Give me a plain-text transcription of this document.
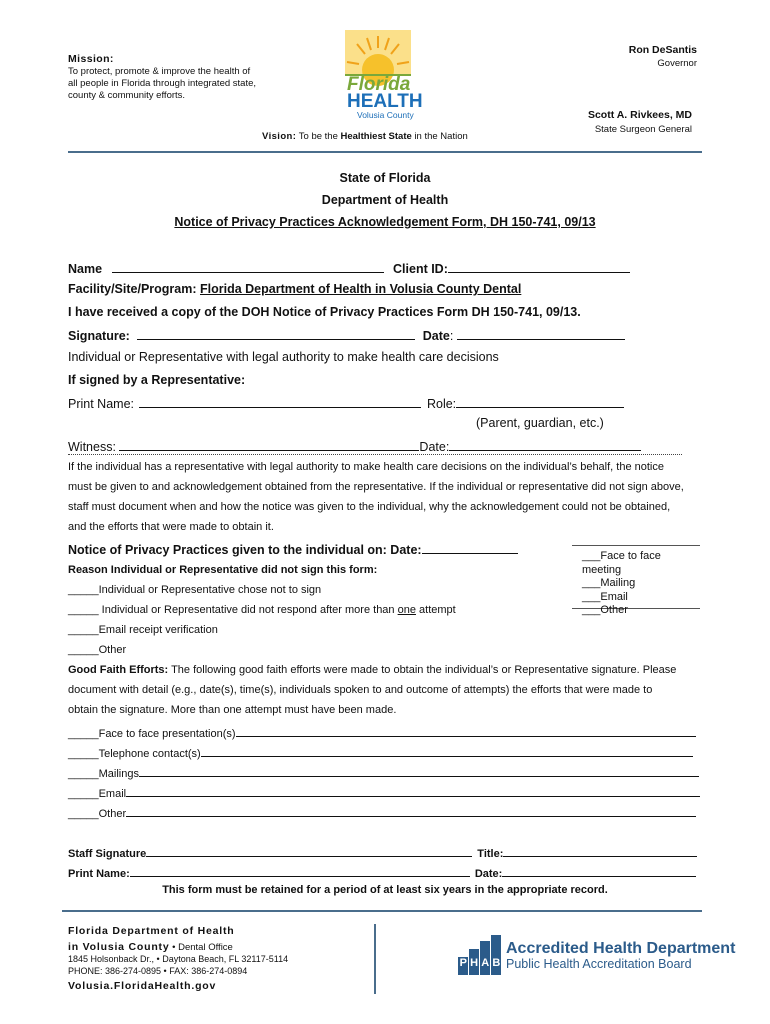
Mission:
To protect, promote & improve the health of all people in Florida through integrated state, county & community efforts.
Florida
HEALTH
Volusia County
Ron DeSantis
Governor
Scott A. Rivkees, MD
State Surgeon General
Vision: To be the Healthiest State in the Nation
State of Florida
Department of Health
Notice of Privacy Practices Acknowledgement Form, DH 150-741, 09/13
Name	Client ID:
Facility/Site/Program: Florida Department of Health in Volusia County Dental
I have received a copy of the DOH Notice of Privacy Practices Form DH 150-741, 09/13.
Signature:	Date:
Individual or Representative with legal authority to make health care decisions
If signed by a Representative:
Print Name:	Role:
(Parent, guardian, etc.)
Witness:	Date:
If the individual has a representative with legal authority to make health care decisions on the individual’s behalf, the notice
must be given to and acknowledgement obtained from the representative. If the individual or representative did not sign above,
staff must document when and how the notice was given to the individual, why the acknowledgement could not be obtained,
and the efforts that were made to obtain it.
Notice of Privacy Practices given to the individual on: Date:	___Face to face meeting
___Mailing
___Email
___Other
Reason Individual or Representative did not sign this form:
_____Individual or Representative chose not to sign
_____ Individual or Representative did not respond after more than one attempt
_____Email receipt verification
_____Other
Good Faith Efforts: The following good faith efforts were made to obtain the individual’s or Representative signature. Please
document with detail (e.g., date(s), time(s), individuals spoken to and outcome of attempts) the efforts that were made to
obtain the signature. More than one attempt must have been made.
_____Face to face presentation(s)
_____Telephone contact(s)
_____Mailings
_____Email
_____Other
Staff Signature	Title:
Print Name:	Date:
This form must be retained for a period of at least six years in the appropriate record.
Florida Department of Health
in Volusia County • Dental Office
1845 Holsonback Dr., • Daytona Beach, FL 32117-5114
PHONE: 386-274-0895 • FAX: 386-274-0894
Volusia.FloridaHealth.gov
P H A B
Accredited Health Department
Public Health Accreditation Board
